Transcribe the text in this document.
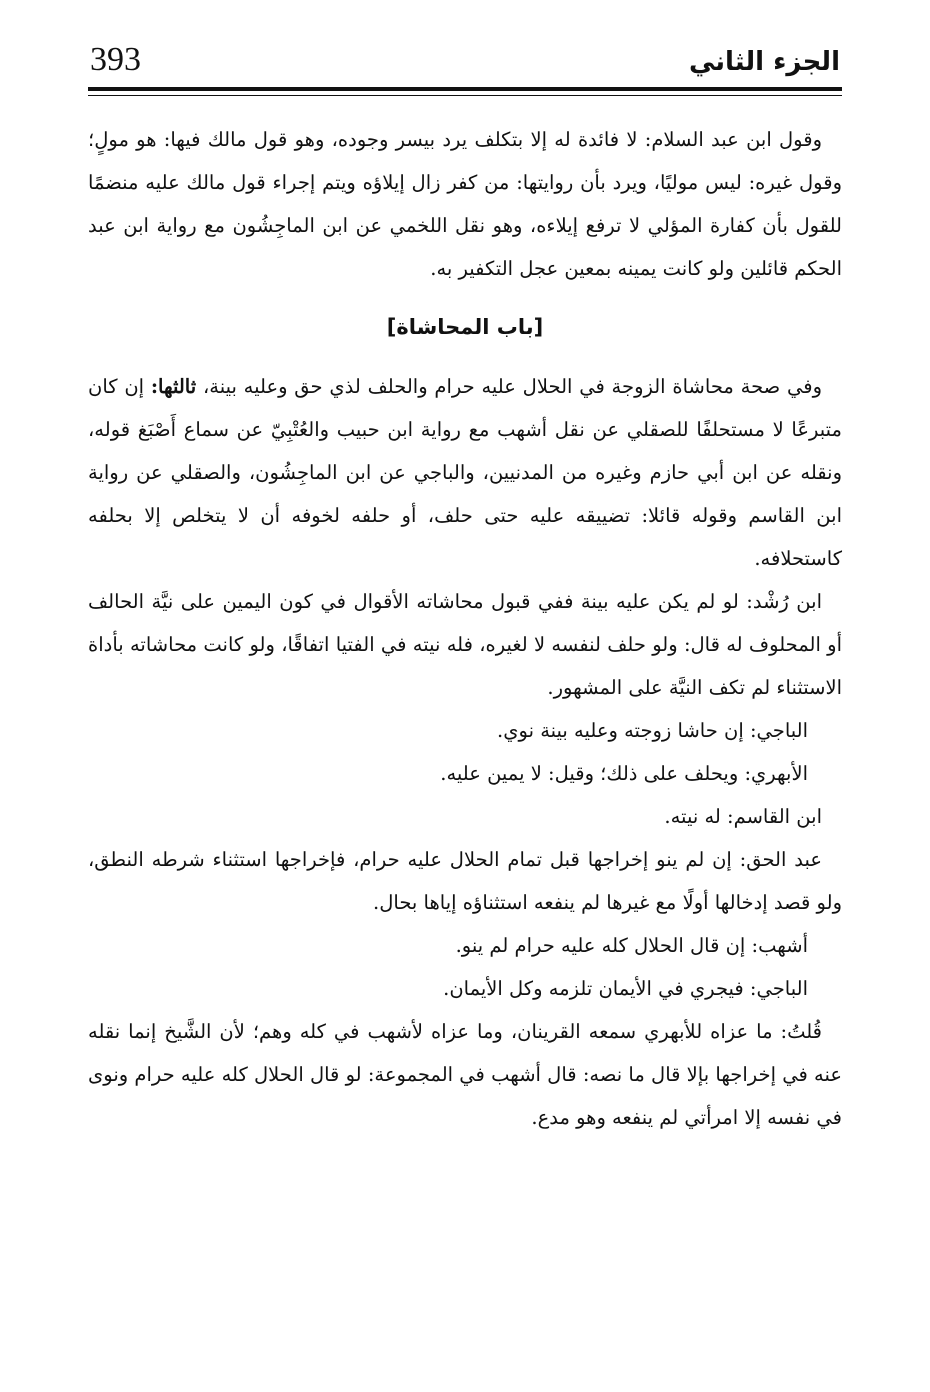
393	الجزء الثاني

وقول ابن عبد السلام: لا فائدة له إلا بتكلف يرد بيسر وجوده، وهو قول مالك فيها: هو مولٍ؛ وقول غيره: ليس موليًا، ويرد بأن روايتها: من كفر زال إيلاؤه ويتم إجراء قول مالك عليه منضمًا للقول بأن كفارة المؤلي لا ترفع إيلاءه، وهو نقل اللخمي عن ابن الماجِشُون مع رواية ابن عبد الحكم قائلين ولو كانت يمينه بمعين عجل التكفير به.

[باب المحاشاة]

وفي صحة محاشاة الزوجة في الحلال عليه حرام والحلف لذي حق وعليه بينة، ثالثها: إن كان متبرعًا لا مستحلفًا للصقلي عن نقل أشهب مع رواية ابن حبيب والعُتْبِيّ عن سماع أَصْبَغ قوله، ونقله عن ابن أبي حازم وغيره من المدنيين، والباجي عن ابن الماجِشُون، والصقلي عن رواية ابن القاسم وقوله قائلا: تضييقه عليه حتى حلف، أو حلفه لخوفه أن لا يتخلص إلا بحلفه كاستحلافه.

ابن رُشْد: لو لم يكن عليه بينة ففي قبول محاشاته الأقوال في كون اليمين على نيَّة الحالف أو المحلوف له قال: ولو حلف لنفسه لا لغيره، فله نيته في الفتيا اتفاقًا، ولو كانت محاشاته بأداة الاستثناء لم تكف النيَّة على المشهور.

الباجي: إن حاشا زوجته وعليه بينة نوي.

الأبهري: ويحلف على ذلك؛ وقيل: لا يمين عليه.

ابن القاسم: له نيته.

عبد الحق: إن لم ينو إخراجها قبل تمام الحلال عليه حرام، فإخراجها استثناء شرطه النطق، ولو قصد إدخالها أولًا مع غيرها لم ينفعه استثناؤه إياها بحال.

أشهب: إن قال الحلال كله عليه حرام لم ينو.

الباجي: فيجري في الأيمان تلزمه وكل الأيمان.

قُلتُ: ما عزاه للأبهري سمعه القرينان، وما عزاه لأشهب في كله وهم؛ لأن الشَّيخ إنما نقله عنه في إخراجها بإلا قال ما نصه: قال أشهب في المجموعة: لو قال الحلال كله عليه حرام ونوى في نفسه إلا امرأتي لم ينفعه وهو مدع.
